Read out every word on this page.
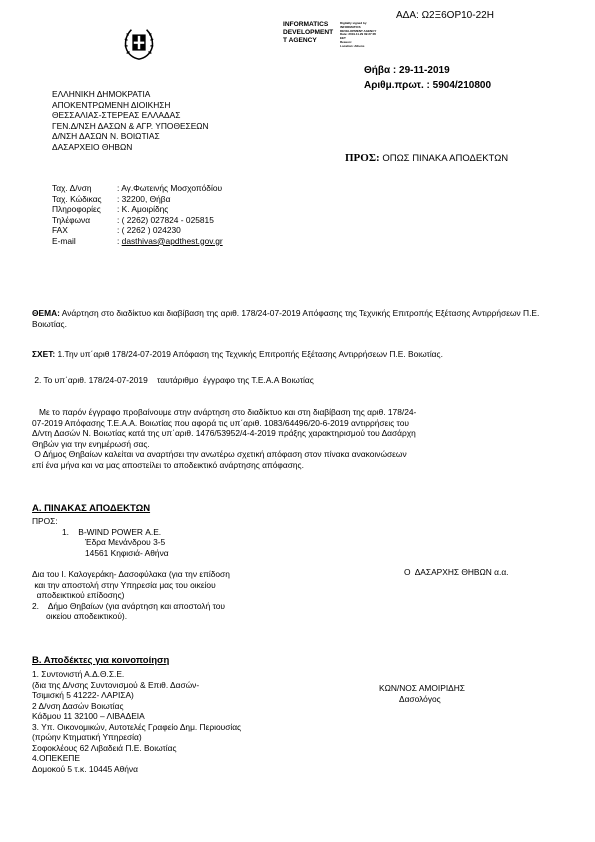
ΑΔΑ: Ω2Ξ6ΟΡ10-22Η
INFORMATICS
DEVELOPMENT
T AGENCY
Digitally signed by
INFORMATICS
DEVELOPMENT AGENCY
Date: 2019.11.29 09:27:35
EET
Reason:
Location: Athens
Θήβα : 29-11-2019
Αριθμ.πρωτ. : 5904/210800
ΕΛΛΗΝΙΚΗ ΔΗΜΟΚΡΑΤΙΑ
ΑΠΟΚΕΝΤΡΩΜΕΝΗ ΔΙΟΙΚΗΣΗ
ΘΕΣΣΑΛΙΑΣ-ΣΤΕΡΕΑΣ ΕΛΛΑΔΑΣ
ΓΕΝ.Δ/ΝΣΗ ΔΑΣΩΝ & ΑΓΡ. ΥΠΟΘΕΣΕΩΝ
Δ/ΝΣΗ ΔΑΣΩΝ Ν. ΒΟΙΩΤΙΑΣ
ΔΑΣΑΡΧΕΙΟ ΘΗΒΩΝ
ΠΡΟΣ: ΟΠΩΣ ΠΙΝΑΚΑ ΑΠΟΔΕΚΤΩΝ
Ταχ. Δ/νση	: Αγ.Φωτεινής Μοσχοπόδίου
Ταχ. Κώδικας	: 32200, Θήβα
Πληροφορίες	: Κ. Αμοιρίδης
Τηλέφωνα	: ( 2262) 027824 - 025815
FAX	: ( 2262 ) 024230
E-mail	: dasthivas@apdthest.gov.gr
ΘΕΜΑ: Ανάρτηση στο διαδίκτυο και διαβίβαση της αριθ. 178/24-07-2019 Απόφασης της Τεχνικής Επιτροπής Εξέτασης Αντιρρήσεων Π.Ε. Βοιωτίας.
ΣΧΕΤ: 1.Την υπ΄αριθ 178/24-07-2019 Απόφαση της Τεχνικής Επιτροπής Εξέτασης Αντιρρήσεων Π.Ε. Βοιωτίας.
2. Το υπ΄αριθ. 178/24-07-2019    ταυτάριθμο  έγγραφο της Τ.Ε.Α.Α Βοιωτίας
Με το παρόν έγγραφο προβαίνουμε στην ανάρτηση στο διαδίκτυο και στη διαβίβαση της αριθ. 178/24-
07-2019 Απόφασης Τ.Ε.Α.Α. Βοιωτίας που αφορά τις υπ΄αριθ. 1083/64496/20-6-2019 αντιρρήσεις του
Δ/ντη Δασών Ν. Βοιωτίας κατά της υπ΄αριθ. 1476/53952/4-4-2019 πράξης χαρακτηρισμού του Δασάρχη
Θηβών για την ενημέρωσή σας.
Ο Δήμος Θηβαίων καλείται να αναρτήσει την ανωτέρω σχετική απόφαση στον πίνακα ανακοινώσεων
επί ένα μήνα και να μας αποστείλει το αποδεικτικό ανάρτησης απόφασης.
Α. ΠΙΝΑΚΑΣ ΑΠΟΔΕΚΤΩΝ
ΠΡΟΣ:
1.    B-WIND POWER Α.Ε.
Έδρα Μενάνδρου 3-5
14561 Κηφισιά- Αθήνα
Δια του Ι. Καλογεράκη- Δασοφύλακα (για την επίδοση
και την αποστολή στην Υπηρεσία μας του οικείου
αποδεικτικού επίδοσης)
2.    Δήμο Θηβαίων (για ανάρτηση και αποστολή του
οικείου αποδεικτικού).
Ο  ΔΑΣΑΡΧΗΣ ΘΗΒΩΝ α.α.
Β. Αποδέκτες για κοινοποίηση
1. Συντονιστή Α.Δ.Θ.Σ.Ε.
(δια της Δ/νσης Συντονισμού & Επιθ. Δασών-
Τσιμισκή 5 41222- ΛΑΡΙΣΑ)
2 Δ/νση Δασών Βοιωτίας
Κάδμου 11 32100 – ΛΙΒΑΔΕΙΑ
3. Υπ. Οικονομικών, Αυτοτελές Γραφείο Δημ. Περιουσίας
(πρώην Κτηματική Υπηρεσία)
Σοφοκλέους 62 Λιβαδειά Π.Ε. Βοιωτίας
4.ΟΠΕΚΕΠΕ
Δομοκού 5 τ.κ. 10445 Αθήνα
ΚΩΝ/ΝΟΣ ΑΜΟΙΡΙΔΗΣ
Δασολόγος
